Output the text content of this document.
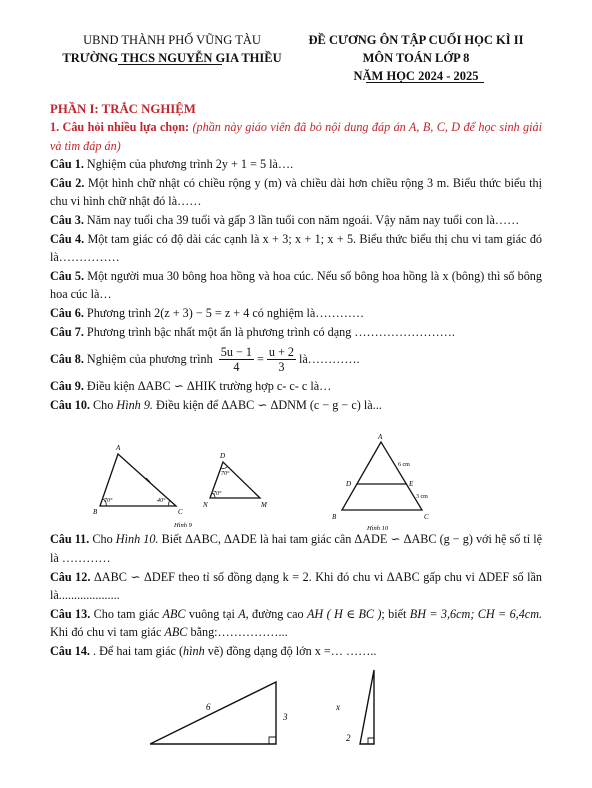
UBND THÀNH PHỐ VŨNG TÀU
TRƯỜNG THCS NGUYỄN GIA THIỀU
ĐỀ CƯƠNG ÔN TẬP CUỐI HỌC KÌ II
MÔN TOÁN LỚP 8
NĂM HỌC 2024 - 2025
PHẦN I: TRẮC NGHIỆM
1. Câu hỏi nhiều lựa chọn: (phần này giáo viên đã bỏ nội dung đáp án A, B, C, D để học sinh giải và tìm đáp án)
Câu 1. Nghiệm của phương trình 2y + 1 = 5 là….
Câu 2. Một hình chữ nhật có chiều rộng y (m) và chiều dài hơn chiều rộng 3 m. Biểu thức biểu thị chu vi hình chữ nhật đó là……
Câu 3. Năm nay tuổi cha 39 tuổi và gấp 3 lần tuổi con năm ngoái. Vậy năm nay tuổi con là……
Câu 4. Một tam giác có độ dài các cạnh là x + 3; x + 1; x + 5. Biểu thức biểu thị chu vi tam giác đó là……………
Câu 5. Một người mua 30 bông hoa hồng và hoa cúc. Nếu số bông hoa hồng là x (bông) thì số bông hoa cúc là…
Câu 6. Phương trình 2(z + 3) − 5 = z + 4 có nghiệm là…………
Câu 7. Phương trình bậc nhất một ẩn là phương trình có dạng …………………….
Câu 8.
Nghiệm của phương trình
$\frac{5u - 1}{4} = \frac{u + 2}{3}$ là………….
Câu 9. Điều kiện ΔABC ∽ ΔHIK trường hợp c- c- c là…
Câu 10. Cho Hình 9. Điều kiện để ΔABC ∽ ΔDNM (c − g − c) là...
Câu 11. Cho Hình 10. Biết ΔABC, ΔADE là hai tam giác cân ΔADE ∽ ΔABC (g − g) với hệ số tỉ lệ là …………
Câu 12. ΔABC ∽ ΔDEF theo tỉ số đồng dạng k = 2. Khi đó chu vi ΔABC gấp chu vi ΔDEF số lần là....................
Câu 13. Cho tam giác ABC vuông tại A, đường cao AH ( H ∈ BC ); biết BH = 3,6cm; CH = 6,4cm. Khi đó chu vi tam giác ABC bằng:……………...
Câu 14. . Để hai tam giác (hình vẽ) đồng dạng độ lớn x =… ……..
A
B	C
70°	40°
D
N	M
70°
70°
Hình 9
A
B	C
D	E
6 cm
3 cm
Hình 10
6
3
x
2
